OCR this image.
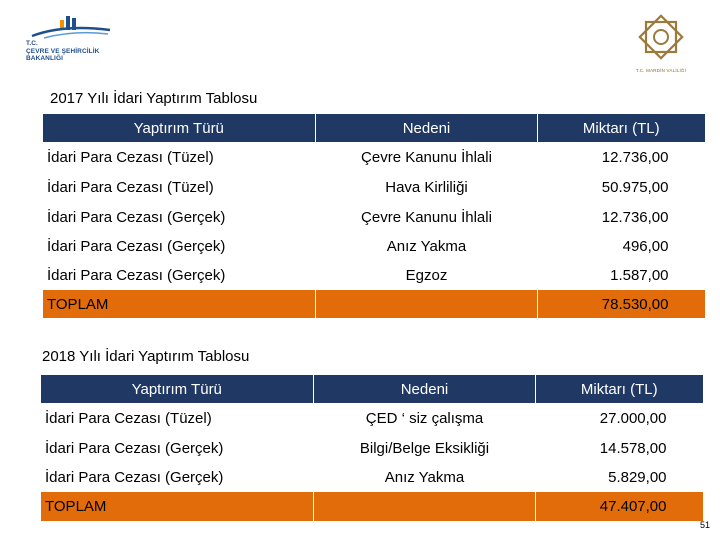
T.C.
ÇEVRE VE ŞEHİRCİLİK
BAKANLIĞI
T.C. MARDİN VALİLİĞİ
2017 Yılı İdari Yaptırım Tablosu
Yaptırım Türü	Nedeni	Miktarı (TL)
İdari Para Cezası (Tüzel)	Çevre Kanunu İhlali	12.736,00
İdari Para Cezası (Tüzel)	Hava Kirliliği	50.975,00
İdari Para Cezası (Gerçek)	Çevre Kanunu İhlali	12.736,00
İdari Para Cezası (Gerçek)	Anız Yakma	496,00
İdari Para Cezası (Gerçek)	Egzoz	1.587,00
TOPLAM		78.530,00
2018 Yılı İdari Yaptırım Tablosu
Yaptırım Türü	Nedeni	Miktarı (TL)
İdari Para Cezası (Tüzel)	ÇED ‘ siz çalışma	27.000,00
İdari Para Cezası (Gerçek)	Bilgi/Belge Eksikliği	14.578,00
İdari Para Cezası (Gerçek)	Anız Yakma	5.829,00
TOPLAM		47.407,00
51
